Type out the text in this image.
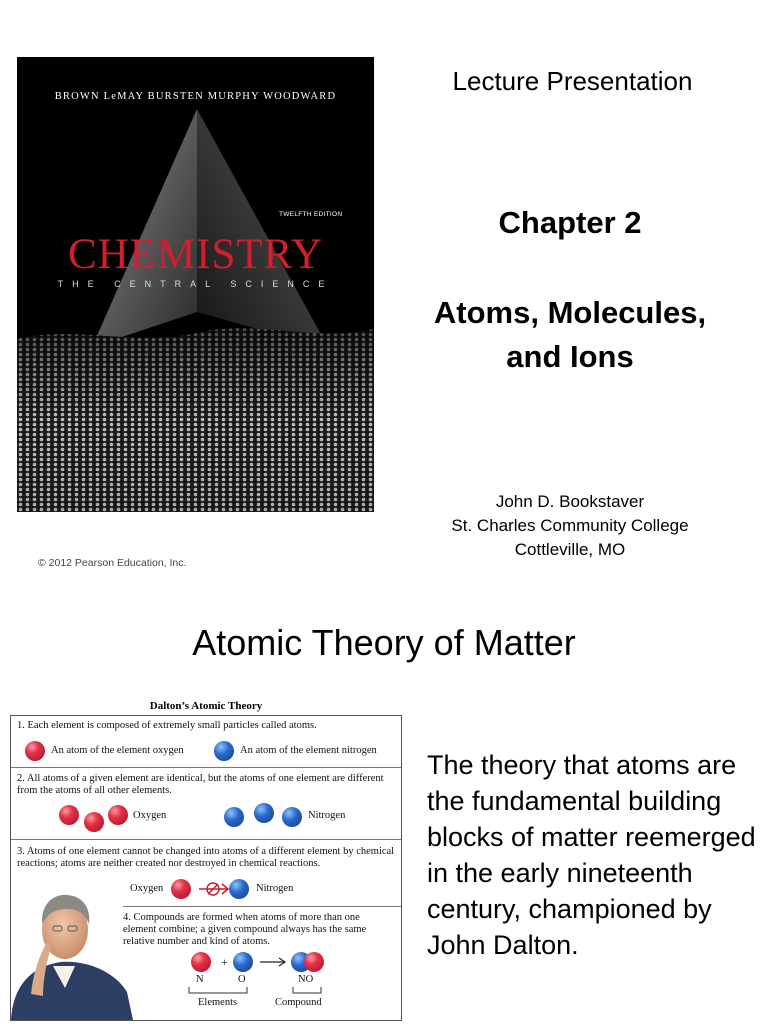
BROWN LeMAY BURSTEN MURPHY WOODWARD
TWELFTH EDITION
CHEMISTRY
THE CENTRAL SCIENCE
© 2012 Pearson Education, Inc.
Lecture Presentation
Chapter 2
Atoms, Molecules,
and Ions
John D. Bookstaver
St. Charles Community College
Cottleville, MO
Atomic Theory of Matter
Dalton’s Atomic Theory
1. Each element is composed of extremely small particles called atoms.
An atom of the element oxygen	An atom of the element nitrogen
2. All atoms of a given element are identical, but the atoms of one element are different from the atoms of all other elements.
Oxygen	Nitrogen
3. Atoms of one element cannot be changed into atoms of a different element by chemical reactions; atoms are neither created nor destroyed in chemical reactions.
Oxygen	Nitrogen
4. Compounds are formed when atoms of more than one element combine; a given compound always has the same relative number and kind of atoms.
+
N	O	NO
Elements	Compound
The theory that atoms are the fundamental building blocks of matter reemerged in the early nineteenth century, championed by John Dalton.
